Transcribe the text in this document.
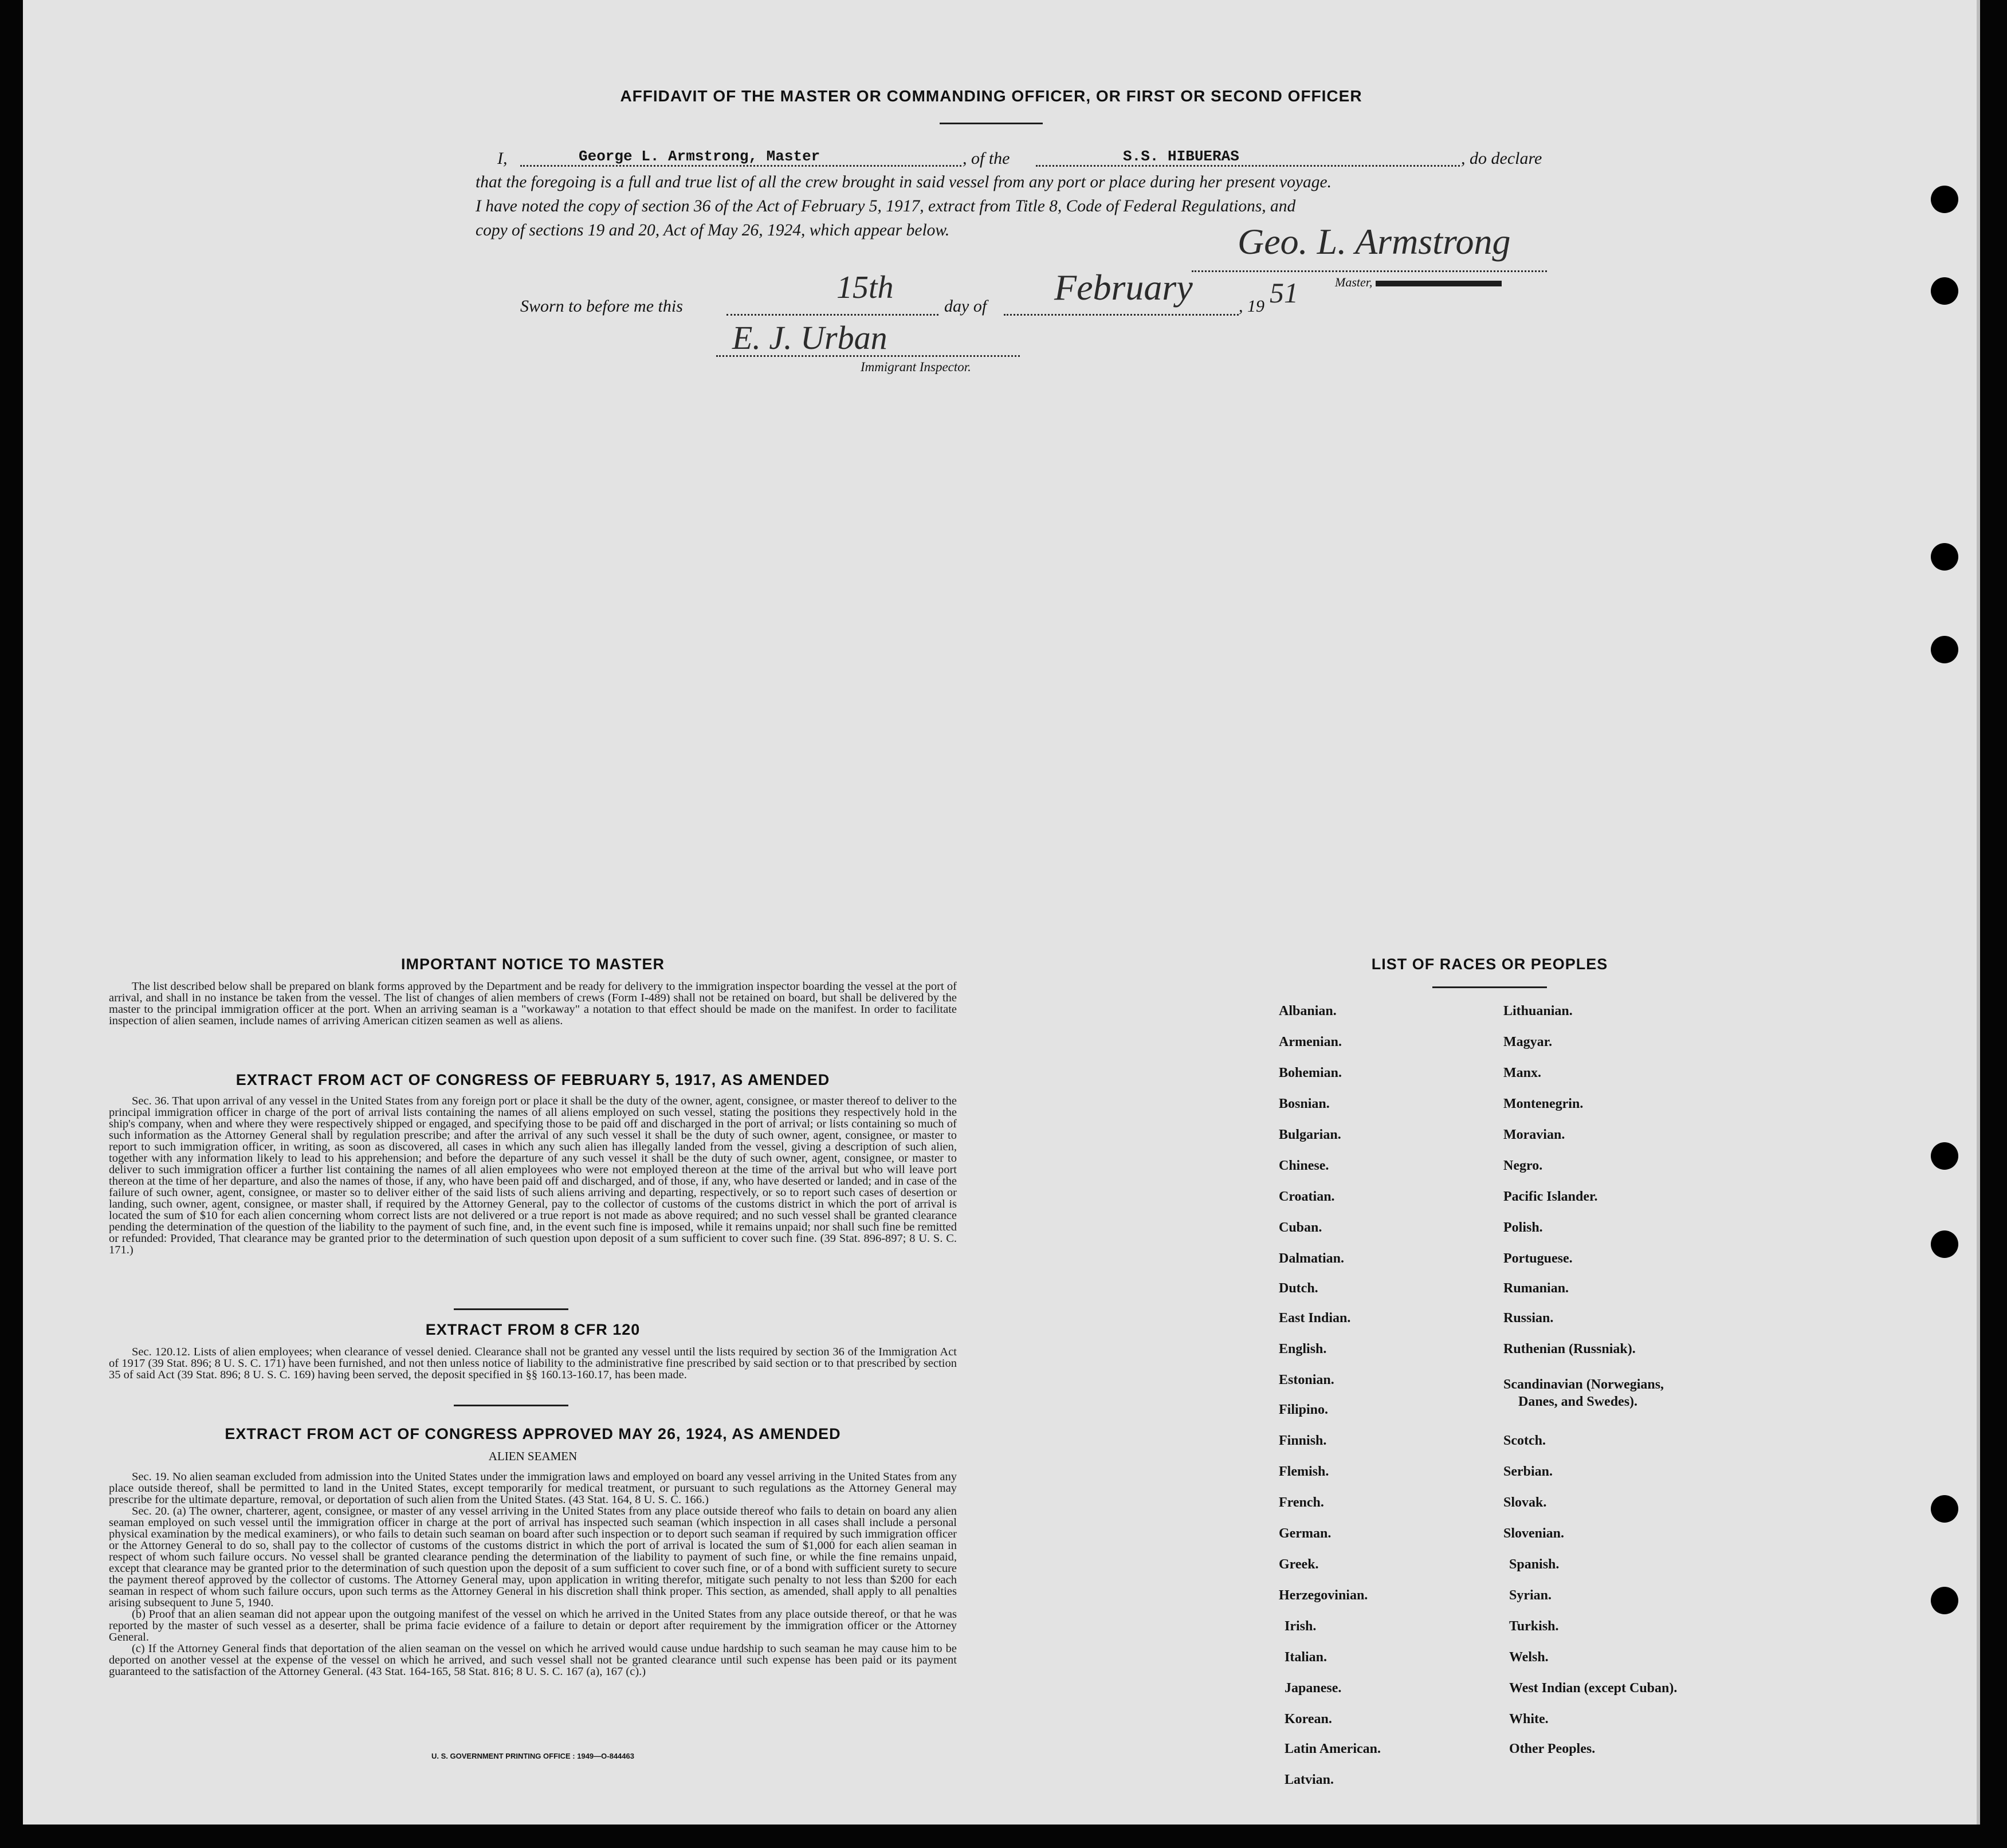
AFFIDAVIT OF THE MASTER OR COMMANDING OFFICER, OR FIRST OR SECOND OFFICER
I,	George L. Armstrong, Master	, of the	S.S. HIBUERAS	, do declare
that the foregoing is a full and true list of all the crew brought in said vessel from any port or place during her present voyage.
I have noted the copy of section 36 of the Act of February 5, 1917, extract from Title 8, Code of Federal Regulations, and
copy of sections 19 and 20, Act of May 26, 1924, which appear below.	Geo. L. Armstrong
Master,
Sworn to before me this
15th
day of February	, 19 51
E. J. Urban
Immigrant Inspector.
IMPORTANT NOTICE TO MASTER
The list described below shall be prepared on blank forms approved by the Department and be ready for delivery to the immigration inspector boarding the vessel at the port of arrival, and shall in no instance be taken from the vessel. The list of changes of alien members of crews (Form I-489) shall not be retained on board, but shall be delivered by the master to the principal immigration officer at the port. When an arriving seaman is a "workaway" a notation to that effect should be made on the manifest. In order to facilitate inspection of alien seamen, include names of arriving American citizen seamen as well as aliens.
EXTRACT FROM ACT OF CONGRESS OF FEBRUARY 5, 1917, AS AMENDED
Sec. 36. That upon arrival of any vessel in the United States from any foreign port or place it shall be the duty of the owner, agent, consignee, or master thereof to deliver to the principal immigration officer in charge of the port of arrival lists containing the names of all aliens employed on such vessel, stating the positions they respectively hold in the ship's company, when and where they were respectively shipped or engaged, and specifying those to be paid off and discharged in the port of arrival; or lists containing so much of such information as the Attorney General shall by regulation prescribe; and after the arrival of any such vessel it shall be the duty of such owner, agent, consignee, or master to report to such immigration officer, in writing, as soon as discovered, all cases in which any such alien has illegally landed from the vessel, giving a description of such alien, together with any information likely to lead to his apprehension; and before the departure of any such vessel it shall be the duty of such owner, agent, consignee, or master to deliver to such immigration officer a further list containing the names of all alien employees who were not employed thereon at the time of the arrival but who will leave port thereon at the time of her departure, and also the names of those, if any, who have been paid off and discharged, and of those, if any, who have deserted or landed; and in case of the failure of such owner, agent, consignee, or master so to deliver either of the said lists of such aliens arriving and departing, respectively, or so to report such cases of desertion or landing, such owner, agent, consignee, or master shall, if required by the Attorney General, pay to the collector of customs of the customs district in which the port of arrival is located the sum of $10 for each alien concerning whom correct lists are not delivered or a true report is not made as above required; and no such vessel shall be granted clearance pending the determination of the question of the liability to the payment of such fine, and, in the event such fine is imposed, while it remains unpaid; nor shall such fine be remitted or refunded: Provided, That clearance may be granted prior to the determination of such question upon deposit of a sum sufficient to cover such fine. (39 Stat. 896-897; 8 U. S. C. 171.)
EXTRACT FROM 8 CFR 120
Sec. 120.12. Lists of alien employees; when clearance of vessel denied. Clearance shall not be granted any vessel until the lists required by section 36 of the Immigration Act of 1917 (39 Stat. 896; 8 U. S. C. 171) have been furnished, and not then unless notice of liability to the administrative fine prescribed by said section or to that prescribed by section 35 of said Act (39 Stat. 896; 8 U. S. C. 169) having been served, the deposit specified in §§ 160.13-160.17, has been made.
EXTRACT FROM ACT OF CONGRESS APPROVED MAY 26, 1924, AS AMENDED
ALIEN SEAMEN
Sec. 19. No alien seaman excluded from admission into the United States under the immigration laws and employed on board any vessel arriving in the United States from any place outside thereof, shall be permitted to land in the United States, except temporarily for medical treatment, or pursuant to such regulations as the Attorney General may prescribe for the ultimate departure, removal, or deportation of such alien from the United States. (43 Stat. 164, 8 U. S. C. 166.)
Sec. 20. (a) The owner, charterer, agent, consignee, or master of any vessel arriving in the United States from any place outside thereof who fails to detain on board any alien seaman employed on such vessel until the immigration officer in charge at the port of arrival has inspected such seaman (which inspection in all cases shall include a personal physical examination by the medical examiners), or who fails to detain such seaman on board after such inspection or to deport such seaman if required by such immigration officer or the Attorney General to do so, shall pay to the collector of customs of the customs district in which the port of arrival is located the sum of $1,000 for each alien seaman in respect of whom such failure occurs. No vessel shall be granted clearance pending the determination of the liability to payment of such fine, or while the fine remains unpaid, except that clearance may be granted prior to the determination of such question upon the deposit of a sum sufficient to cover such fine, or of a bond with sufficient surety to secure the payment thereof approved by the collector of customs. The Attorney General may, upon application in writing therefor, mitigate such penalty to not less than $200 for each seaman in respect of whom such failure occurs, upon such terms as the Attorney General in his discretion shall think proper. This section, as amended, shall apply to all penalties arising subsequent to June 5, 1940.
(b) Proof that an alien seaman did not appear upon the outgoing manifest of the vessel on which he arrived in the United States from any place outside thereof, or that he was reported by the master of such vessel as a deserter, shall be prima facie evidence of a failure to detain or deport after requirement by the immigration officer or the Attorney General.
(c) If the Attorney General finds that deportation of the alien seaman on the vessel on which he arrived would cause undue hardship to such seaman he may cause him to be deported on another vessel at the expense of the vessel on which he arrived, and such vessel shall not be granted clearance until such expense has been paid or its payment guaranteed to the satisfaction of the Attorney General. (43 Stat. 164-165, 58 Stat. 816; 8 U. S. C. 167 (a), 167 (c).)
U. S. GOVERNMENT PRINTING OFFICE : 1949—O-844463
LIST OF RACES OR PEOPLES
Albanian.
Armenian.
Bohemian.
Bosnian.
Bulgarian.
Chinese.
Croatian.
Cuban.
Dalmatian.
Dutch.
East Indian.
English.
Estonian.
Filipino.
Finnish.
Flemish.
French.
German.
Greek.
Herzegovinian.
Irish.
Italian.
Japanese.
Korean.
Latin American.
Latvian.
Lithuanian.
Magyar.
Manx.
Montenegrin.
Moravian.
Negro.
Pacific Islander.
Polish.
Portuguese.
Rumanian.
Russian.
Ruthenian (Russniak).
Scandinavian (Norwegians,
Danes, and Swedes).
Scotch.
Serbian.
Slovak.
Slovenian.
Spanish.
Syrian.
Turkish.
Welsh.
West Indian (except Cuban).
White.
Other Peoples.
